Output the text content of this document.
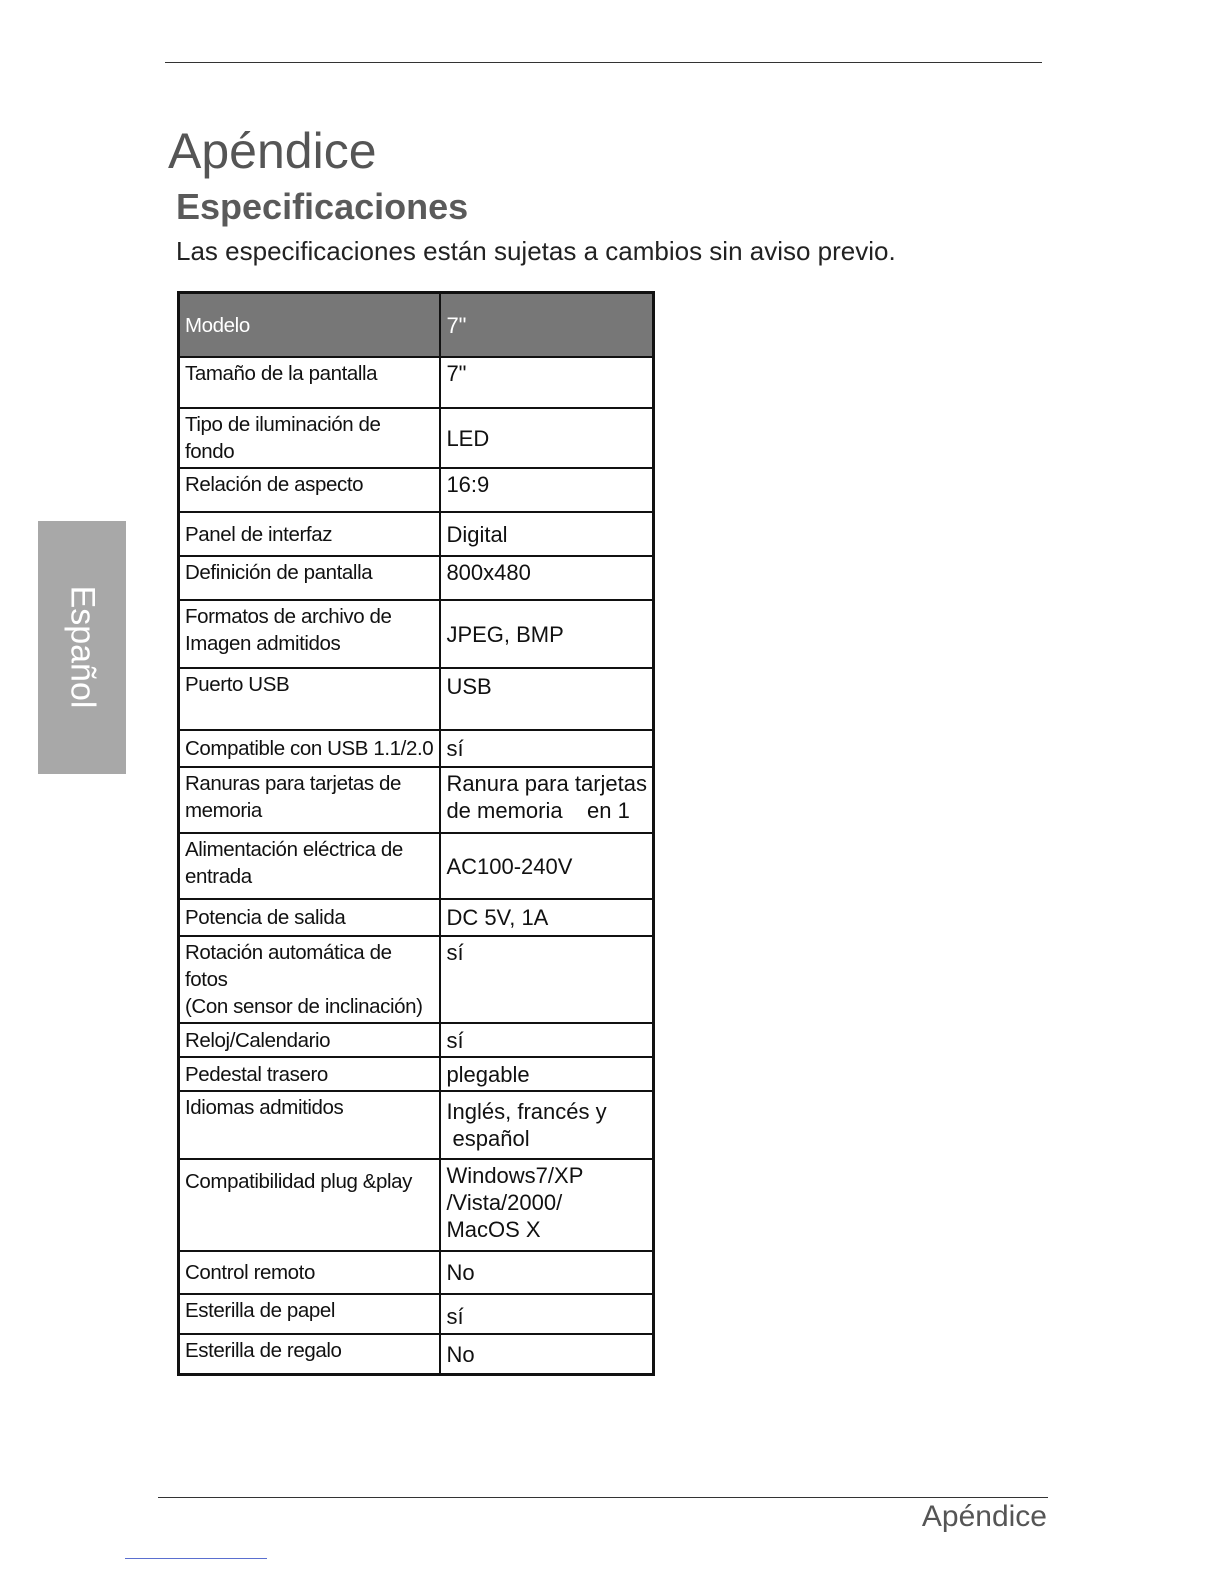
Apéndice
Especificaciones

Las especificaciones están sujetas a cambios sin aviso previo.

Español
Modelo	7"
Tamaño de la pantalla	7"
Tipo de iluminación de fondo	LED
Relación de aspecto	16:9
Panel de interfaz	Digital
Definición de pantalla	800x480
Formatos de archivo de
Imagen admitidos	JPEG, BMP
Puerto USB	USB
Compatible con USB 1.1/2.0	sí
Ranuras para tarjetas de
memoria	Ranura para tarjetas
de memoria    en 1
Alimentación eléctrica de
entrada	AC100-240V
Potencia de salida	DC 5V, 1A
Rotación automática de fotos
(Con sensor de inclinación)	sí
Reloj/Calendario	sí
Pedestal trasero	plegable
Idiomas admitidos	Inglés, francés y
español
Compatibilidad plug &play	Windows7/XP
/Vista/2000/
MacOS X
Control remoto	No
Esterilla de papel	sí
Esterilla de regalo	No
Apéndice
